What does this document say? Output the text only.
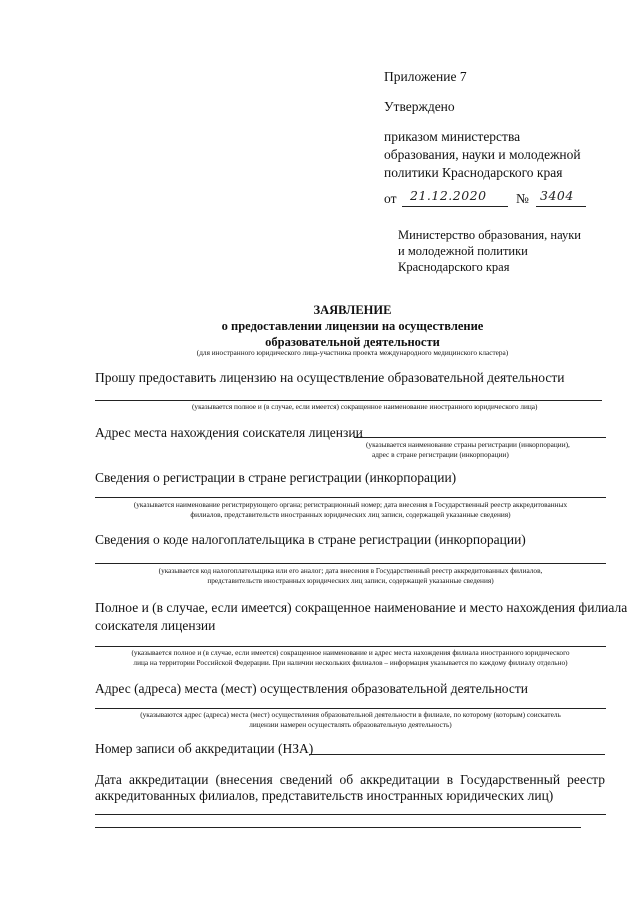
Приложение 7
Утверждено
приказом министерства
образования, науки и молодежной
политики Краснодарского края
от 21.12.2020 № 3404
Министерство образования, науки
и молодежной политики
Краснодарского края
ЗАЯВЛЕНИЕ
о предоставлении лицензии на осуществление
образовательной деятельности
(для иностранного юридического лица-участника проекта международного медицинского кластера)
Прошу предоставить лицензию на осуществление образовательной деятельности
(указывается полное и (в случае, если имеется) сокращенное наименование иностранного юридического лица)
Адрес места нахождения соискателя лицензии
(указывается наименование страны регистрации (инкорпорации),
адрес в стране регистрации (инкорпорации)
Сведения о регистрации в стране регистрации (инкорпорации)
(указывается наименование регистрирующего органа; регистрационный номер; дата внесения в Государственный реестр аккредитованных
филиалов, представительств иностранных юридических лиц записи, содержащей указанные сведения)
Сведения о коде налогоплательщика в стране регистрации (инкорпорации)
(указывается код налогоплательщика или его аналог; дата внесения в Государственный реестр аккредитованных филиалов,
представительств иностранных юридических лиц записи, содержащей указанные сведения)
Полное и (в случае, если имеется) сокращенное наименование и место нахождения филиала
соискателя лицензии
(указывается полное и (в случае, если имеется) сокращенное наименование и адрес места нахождения филиала иностранного юридического
лица на территории Российской Федерации. При наличии нескольких филиалов – информация указывается по каждому филиалу отдельно)
Адрес (адреса) места (мест) осуществления образовательной деятельности
(указываются адрес (адреса) места (мест) осуществления образовательной деятельности в филиале, по которому (которым) соискатель
лицензии намерен осуществлять образовательную деятельность)
Номер записи об аккредитации (НЗА)
Дата аккредитации (внесения сведений об аккредитации в Государственный реестр
аккредитованных филиалов, представительств иностранных юридических лиц)
